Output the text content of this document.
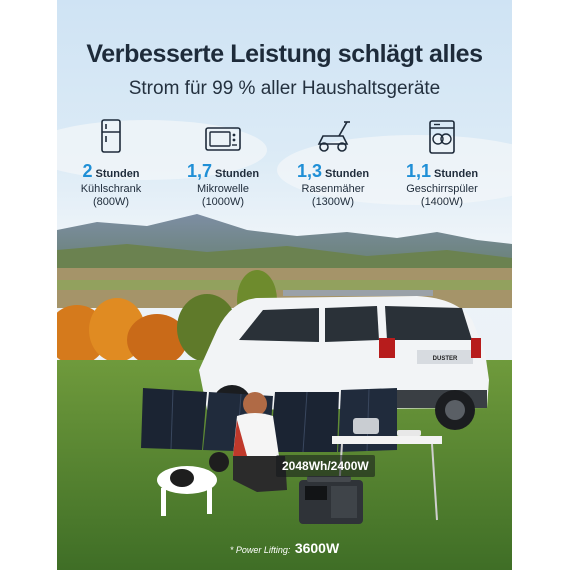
DUSTER
Verbesserte Leistung schlägt alles
Strom für 99 % aller Haushaltsgeräte
2 Stunden
Kühlschrank
(800W)
1,7 Stunden
Mikrowelle
(1000W)
1,3 Stunden
Rasenmäher
(1300W)
1,1 Stunden
Geschirrspüler
(1400W)
2048Wh/2400W
* Power Lifting: 3600W
